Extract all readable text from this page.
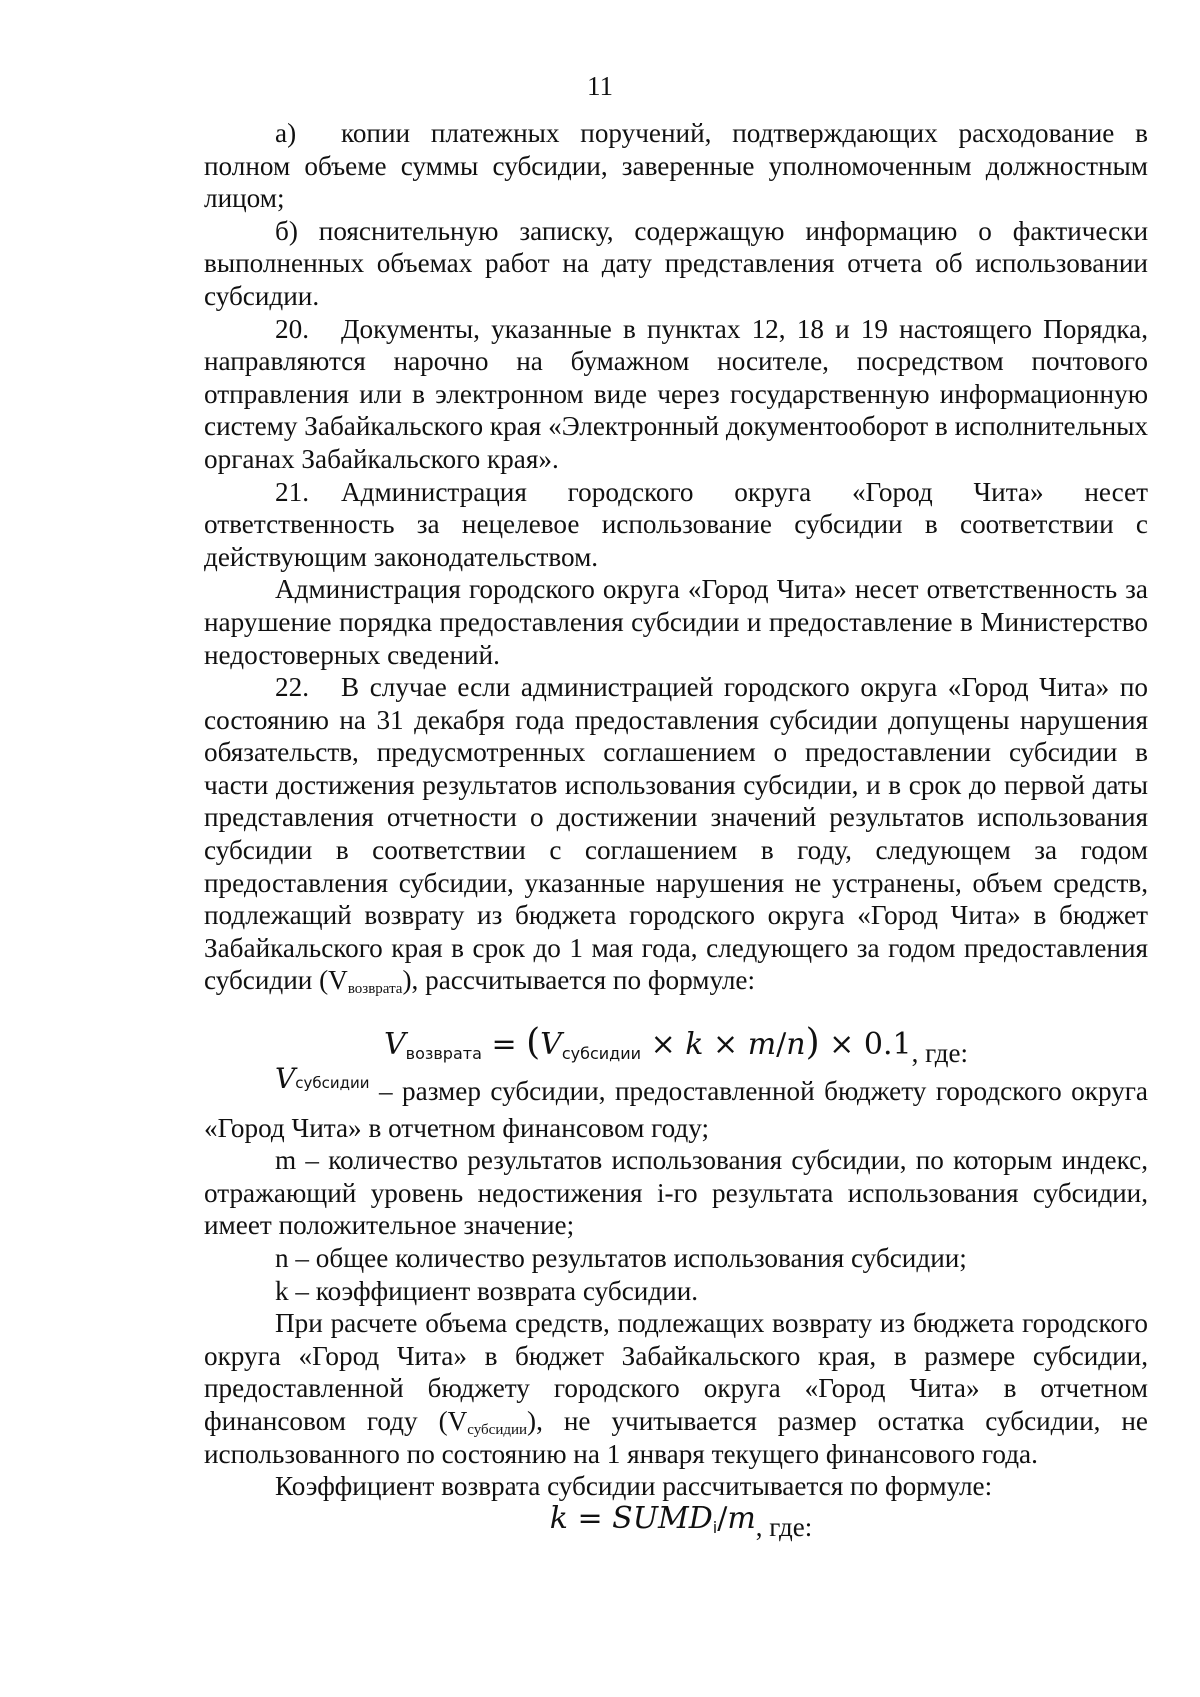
11

а) копии платежных поручений, подтверждающих расходование в полном объеме суммы субсидии, заверенные уполномоченным должностным лицом;

б) пояснительную записку, содержащую информацию о фактически выполненных объемах работ на дату представления отчета об использовании субсидии.

20. Документы, указанные в пунктах 12, 18 и 19 настоящего Порядка, направляются нарочно на бумажном носителе, посредством почтового отправления или в электронном виде через государственную информационную систему Забайкальского края «Электронный документооборот в исполнительных органах Забайкальского края».

21. Администрация городского округа «Город Чита» несет ответственность за нецелевое использование субсидии в соответствии с действующим законодательством.

Администрация городского округа «Город Чита» несет ответственность за нарушение порядка предоставления субсидии и предоставление в Министерство недостоверных сведений.

22. В случае если администрацией городского округа «Город Чита» по состоянию на 31 декабря года предоставления субсидии допущены нарушения обязательств, предусмотренных соглашением о предоставлении субсидии в части достижения результатов использования субсидии, и в срок до первой даты представления отчетности о достижении значений результатов использования субсидии в соответствии с соглашением в году, следующем за годом предоставления субсидии, указанные нарушения не устранены, объем средств, подлежащий возврату из бюджета городского округа «Город Чита» в бюджет Забайкальского края в срок до 1 мая года, следующего за годом предоставления субсидии $(V_{возврата})$, рассчитывается по формуле:

Vвозврата = (Vсубсидии × k × m/n) × 0.1, где:

Vсубсидии – размер субсидии, предоставленной бюджету городского округа «Город Чита» в отчетном финансовом году;

m – количество результатов использования субсидии, по которым индекс, отражающий уровень недостижения i-го результата использования субсидии, имеет положительное значение;

n – общее количество результатов использования субсидии;

k – коэффициент возврата субсидии.

При расчете объема средств, подлежащих возврату из бюджета городского округа «Город Чита» в бюджет Забайкальского края, в размере субсидии, предоставленной бюджету городского округа «Город Чита» в отчетном финансовом году $(V_{субсидии})$, не учитывается размер остатка субсидии, не использованного по состоянию на 1 января текущего финансового года.

Коэффициент возврата субсидии рассчитывается по формуле:

k = SUMDi/m, где:
